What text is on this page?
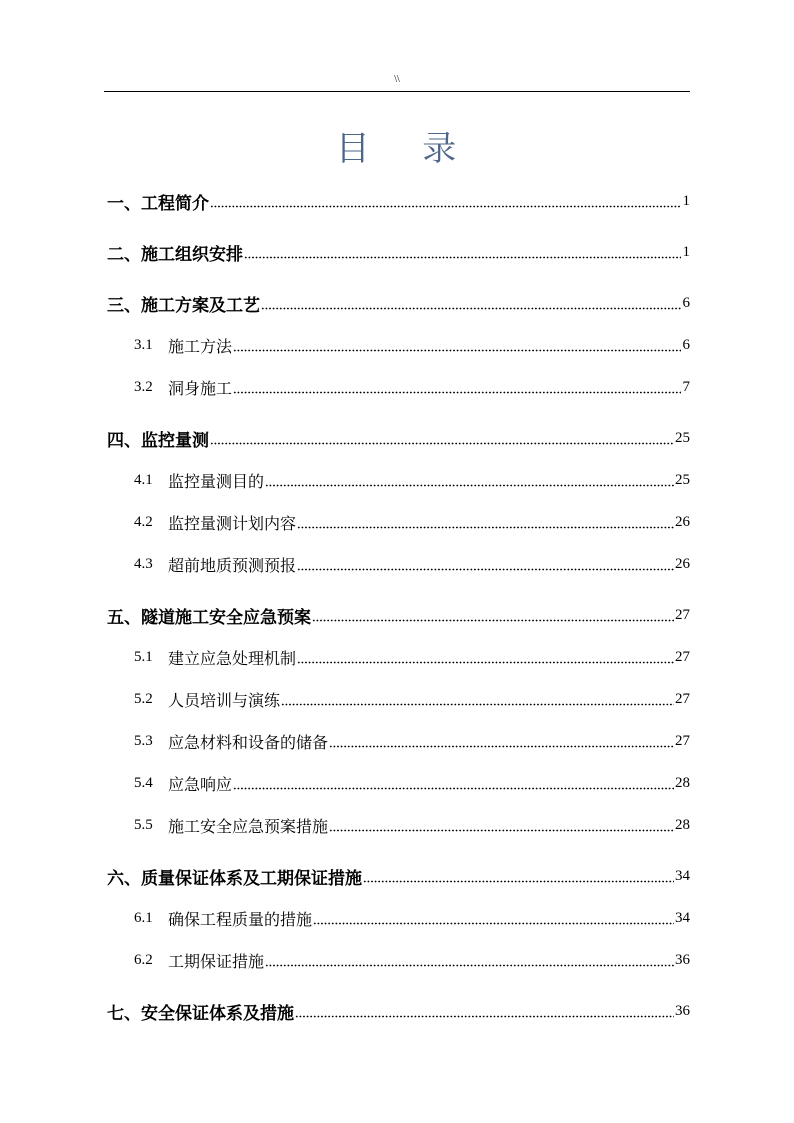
\\
目 录
一、工程简介	1
二、施工组织安排	1
三、施工方案及工艺	6
3.1 施工方法	6
3.2 洞身施工	7
四、监控量测	25
4.1 监控量测目的	25
4.2 监控量测计划内容	26
4.3 超前地质预测预报	26
五、隧道施工安全应急预案	27
5.1 建立应急处理机制	27
5.2 人员培训与演练	27
5.3 应急材料和设备的储备	27
5.4 应急响应	28
5.5 施工安全应急预案措施	28
六、质量保证体系及工期保证措施	34
6.1 确保工程质量的措施	34
6.2 工期保证措施	36
七、安全保证体系及措施	36
